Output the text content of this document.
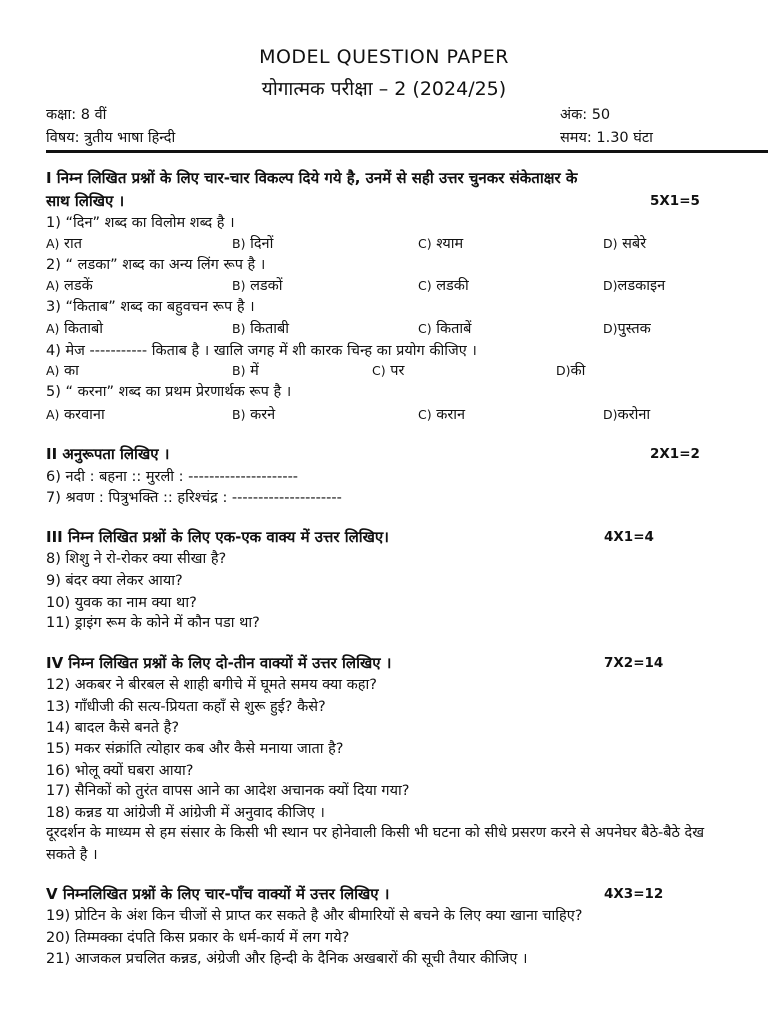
MODEL QUESTION PAPER
योगात्मक परीक्षा – 2 (2024/25)
कक्षा: 8 वीं	अंक: 50
विषय: त्रुतीय भाषा हिन्दी	समय: 1.30 घंटा
I निम्न लिखित प्रश्नों के लिए चार-चार विकल्प दिये गये है, उनमें से सही उत्तर चुनकर संकेताक्षर के
साथ लिखिए ।	5X1=5
1) “दिन” शब्द का विलोम शब्द है ।
A) रात	B) दिनों	C) श्याम	D) सबेरे
2) “ लडका” शब्द का अन्य लिंग रूप है ।
A) लडकें	B) लडकों	C) लडकी	D)लडकाइन
3) “किताब” शब्द का बहुवचन रूप है ।
A) किताबो	B) किताबी	C) किताबें	D)पुस्तक
4) मेज ----------- किताब है । खालि जगह में शी कारक चिन्ह का प्रयोग कीजिए ।
A) का	B) में	C) पर	D)की
5) “ करना” शब्द का प्रथम प्रेरणार्थक रूप है ।
A) करवाना	B) करने	C) करान	D)करोना
II अनुरूपता लिखिए ।	2X1=2
6) नदी : बहना :: मुरली : ---------------------
7) श्रवण : पित्रुभक्ति :: हरिश्चंद्र : ---------------------
III निम्न लिखित प्रश्नों के लिए एक-एक वाक्य में उत्तर लिखिए।	4X1=4
8) शिशु ने रो-रोकर क्या सीखा है?
9) बंदर क्या लेकर आया?
10) युवक का नाम क्या था?
11) ड्राइंग रूम के कोने में कौन पडा था?
IV निम्न लिखित प्रश्नों के लिए दो-तीन वाक्यों में उत्तर लिखिए ।	7X2=14
12) अकबर ने बीरबल से शाही बगीचे में घूमते समय क्या कहा?
13) गाँधीजी की सत्य-प्रियता कहाँ से शुरू हुई? कैसे?
14) बादल कैसे बनते है?
15) मकर संक्रांति त्योहार कब और कैसे मनाया जाता है?
16) भोलू क्यों घबरा आया?
17) सैनिकों को तुरंत वापस आने का आदेश अचानक क्यों दिया गया?
18) कन्नड या आंग्रेजी में आंग्रेजी में अनुवाद कीजिए ।
दूरदर्शन के माध्यम से हम संसार के किसी भी स्थान पर होनेवाली किसी भी घटना को सीधे प्रसरण करने से अपनेघर बैठे-बैठे देख सकते है ।
V निम्नलिखित प्रश्नों के लिए चार-पाँच वाक्यों में उत्तर लिखिए ।	4X3=12
19) प्रोटिन के अंश किन चीजों से प्राप्त कर सकते है और बीमारियों से बचने के लिए क्या खाना चाहिए?
20) तिम्मक्का दंपति किस प्रकार के धर्म-कार्य में लग गये?
21) आजकल प्रचलित कन्नड, अंग्रेजी और हिन्दी के दैनिक अखबारों की सूची तैयार कीजिए ।
